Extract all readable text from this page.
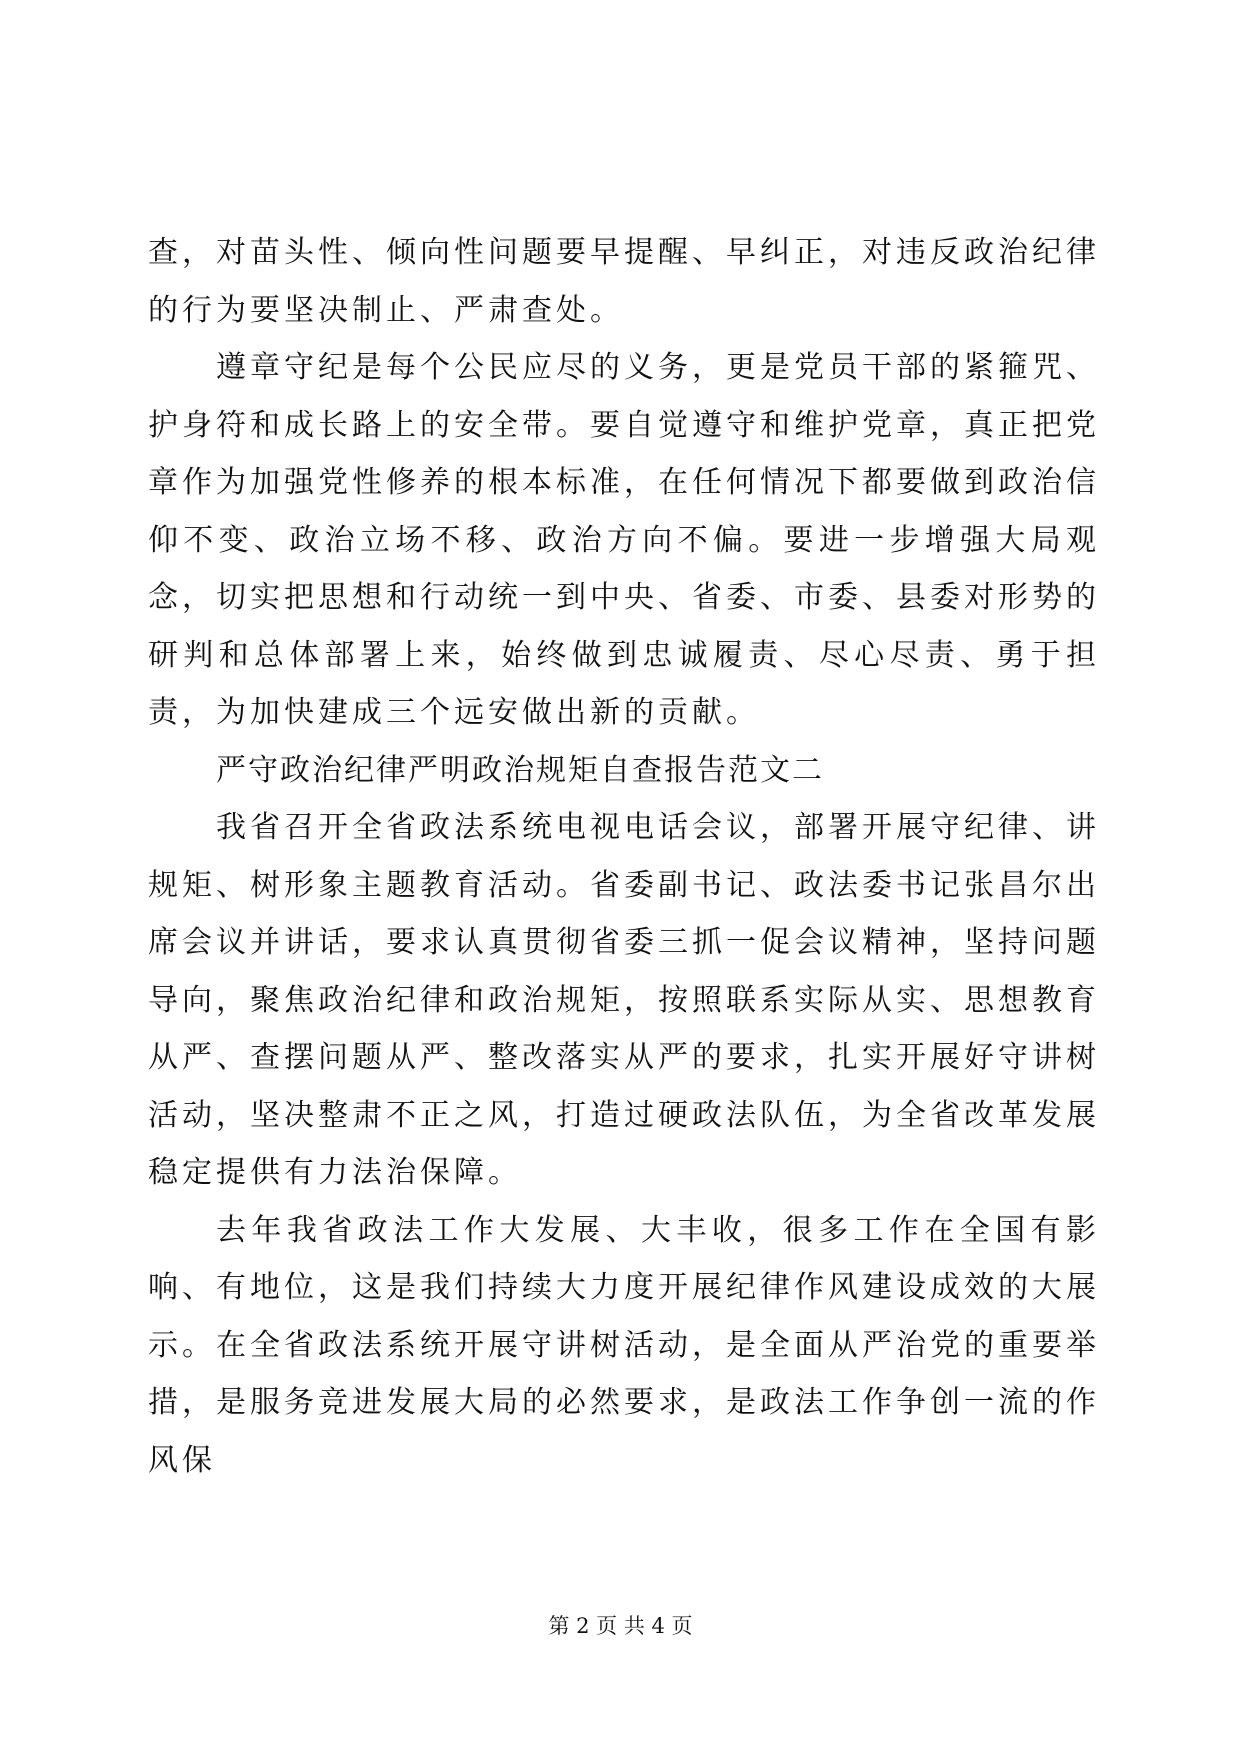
查，对苗头性、倾向性问题要早提醒、早纠正，对违反政治纪律的行为要坚决制止、严肃查处。

遵章守纪是每个公民应尽的义务，更是党员干部的紧箍咒、护身符和成长路上的安全带。要自觉遵守和维护党章，真正把党章作为加强党性修养的根本标准，在任何情况下都要做到政治信仰不变、政治立场不移、政治方向不偏。要进一步增强大局观念，切实把思想和行动统一到中央、省委、市委、县委对形势的研判和总体部署上来，始终做到忠诚履责、尽心尽责、勇于担责，为加快建成三个远安做出新的贡献。

严守政治纪律严明政治规矩自查报告范文二

我省召开全省政法系统电视电话会议，部署开展守纪律、讲规矩、树形象主题教育活动。省委副书记、政法委书记张昌尔出席会议并讲话，要求认真贯彻省委三抓一促会议精神，坚持问题导向，聚焦政治纪律和政治规矩，按照联系实际从实、思想教育从严、查摆问题从严、整改落实从严的要求，扎实开展好守讲树活动，坚决整肃不正之风，打造过硬政法队伍，为全省改革发展稳定提供有力法治保障。

去年我省政法工作大发展、大丰收，很多工作在全国有影响、有地位，这是我们持续大力度开展纪律作风建设成效的大展示。在全省政法系统开展守讲树活动，是全面从严治党的重要举措，是服务竞进发展大局的必然要求，是政法工作争创一流的作风保

第 2 页 共 4 页
